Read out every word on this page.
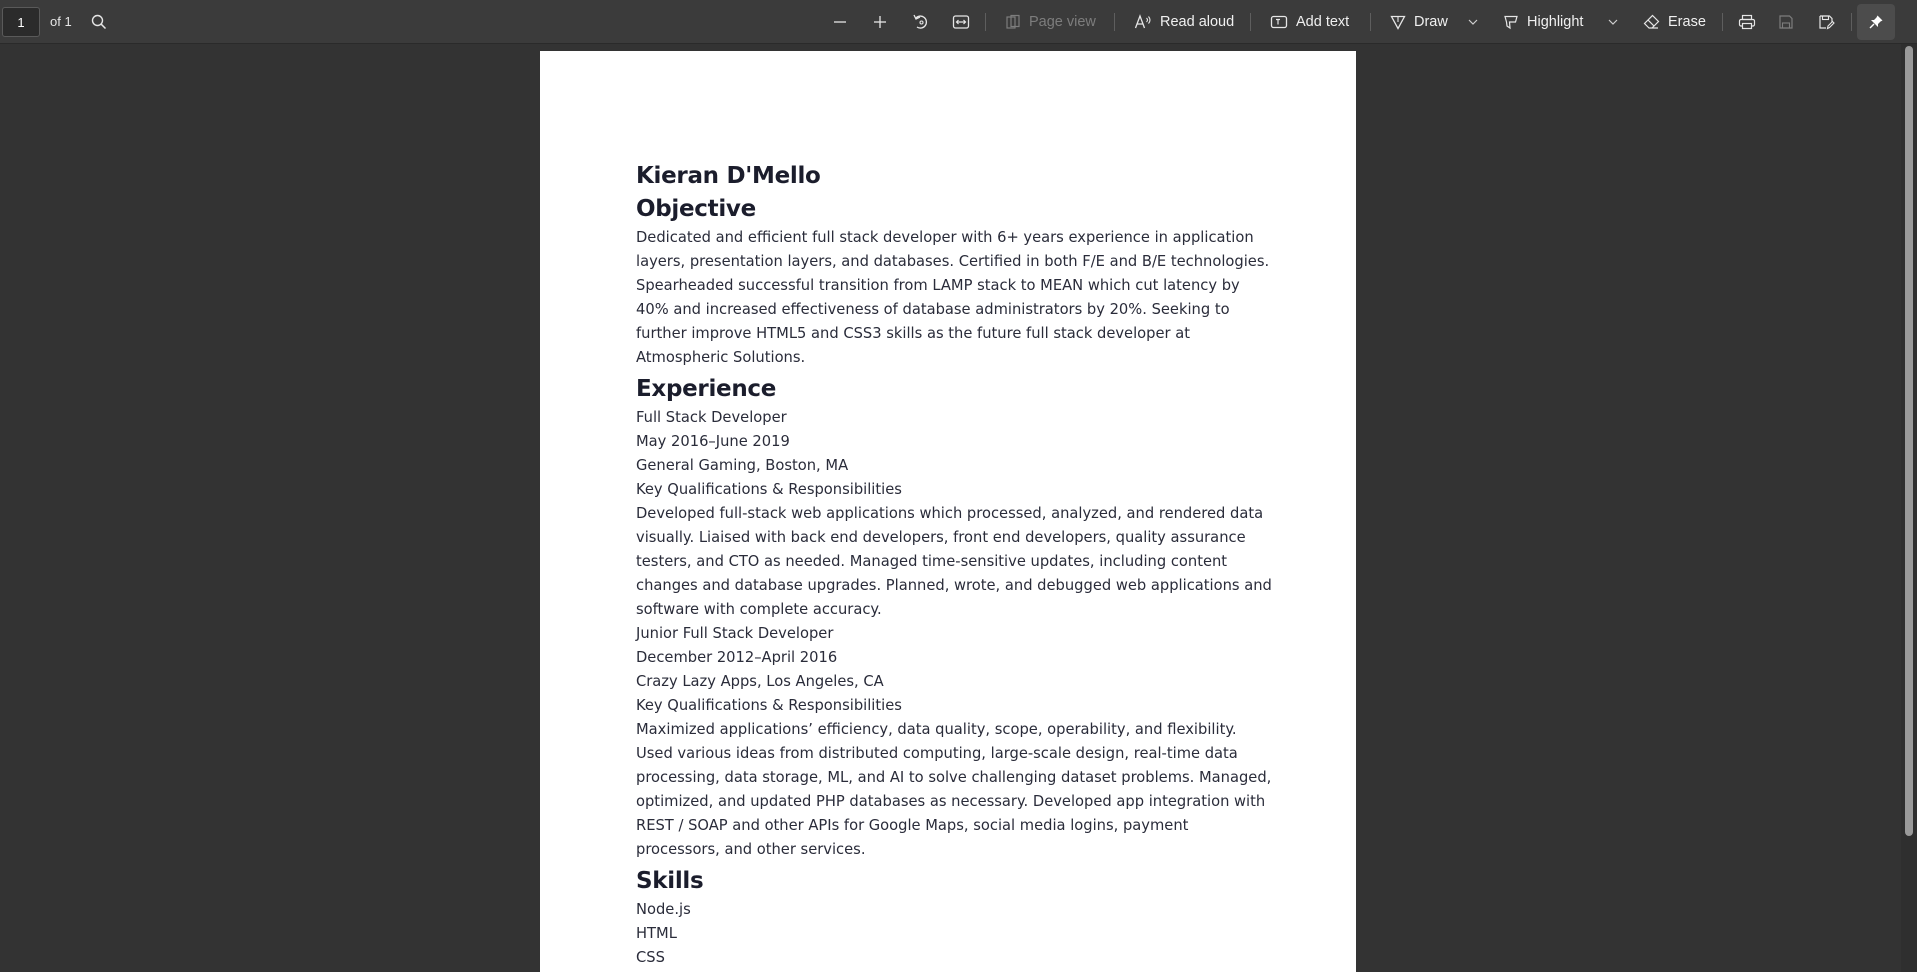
1
of 1	Page view	Read aloud	Add text	Draw	Highlight	Erase
Kieran D'Mello
Objective

Dedicated and efficient full stack developer with 6+ years experience in application layers, presentation layers, and databases. Certified in both F/E and B/E technologies. Spearheaded successful transition from LAMP stack to MEAN which cut latency by 40% and increased effectiveness of database administrators by 20%. Seeking to further improve HTML5 and CSS3 skills as the future full stack developer at Atmospheric Solutions.

Experience
Full Stack Developer
May 2016–June 2019
General Gaming, Boston, MA
Key Qualifications & Responsibilities

Developed full-stack web applications which processed, analyzed, and rendered data visually. Liaised with back end developers, front end developers, quality assurance testers, and CTO as needed. Managed time-sensitive updates, including content changes and database upgrades. Planned, wrote, and debugged web applications and software with complete accuracy.

Junior Full Stack Developer
December 2012–April 2016
Crazy Lazy Apps, Los Angeles, CA
Key Qualifications & Responsibilities

Maximized applications’ efficiency, data quality, scope, operability, and flexibility. Used various ideas from distributed computing, large-scale design, real-time data processing, data storage, ML, and AI to solve challenging dataset problems. Managed, optimized, and updated PHP databases as necessary. Developed app integration with REST / SOAP and other APIs for Google Maps, social media logins, payment processors, and other services.

Skills
Node.js
HTML
CSS
